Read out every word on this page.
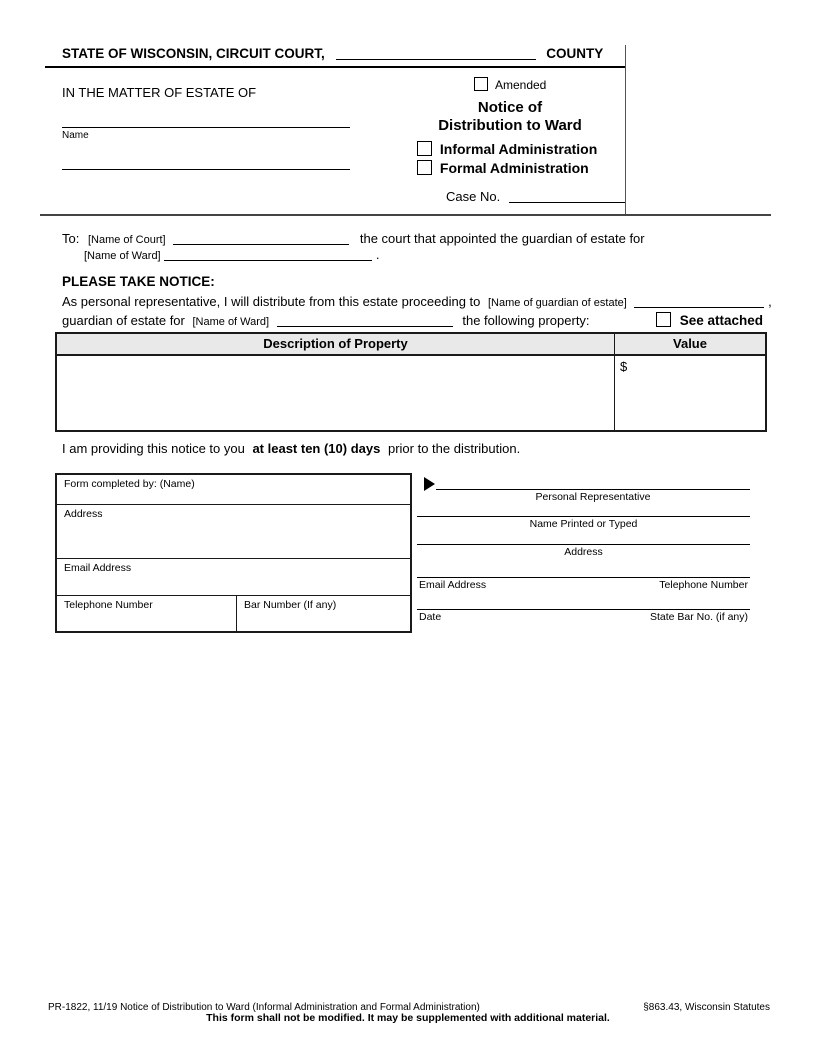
STATE OF WISCONSIN, CIRCUIT COURT,	COUNTY
IN THE MATTER OF ESTATE OF
Name
Amended
Notice of
Distribution to Ward
Informal Administration
Formal Administration
Case No.
To: [Name of Court]	the court that appointed the guardian of estate for
[Name of Ward]	.
PLEASE TAKE NOTICE:
As personal representative, I will distribute from this estate proceeding to [Name of guardian of estate]	,
guardian of estate for [Name of Ward]	the following property:	See attached
Description of Property	Value
$
I am providing this notice to you at least ten (10) days prior to the distribution.
Form completed by: (Name)
Address
Email Address
Telephone Number	Bar Number (If any)
Personal Representative
Name Printed or Typed
Address
Email Address	Telephone Number
Date	State Bar No. (if any)
PR-1822, 11/19 Notice of Distribution to Ward (Informal Administration and Formal Administration)	§863.43, Wisconsin Statutes
This form shall not be modified. It may be supplemented with additional material.
